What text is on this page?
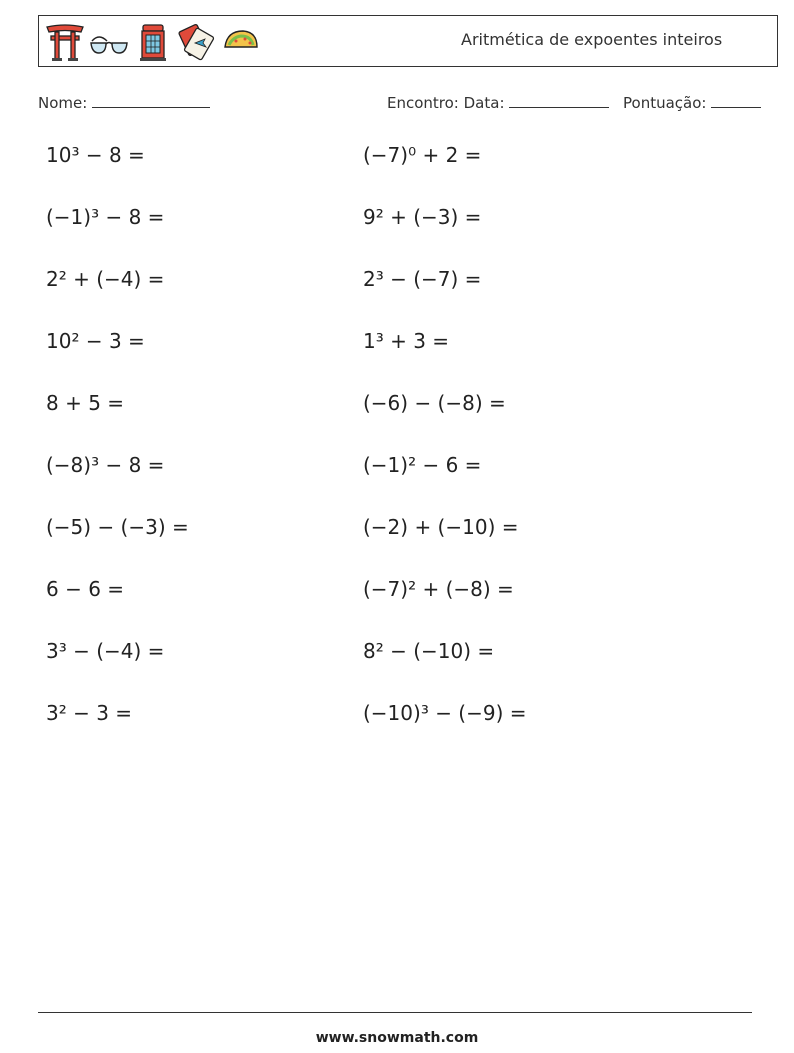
Aritmética de expoentes inteiros
Nome:	Encontro: Data:	Pontuação:
10³ − 8 =
(−1)³ − 8 =
2² + (−4) =
10² − 3 =
8 + 5 =
(−8)³ − 8 =
(−5) − (−3) =
6 − 6 =
3³ − (−4) =
3² − 3 =
(−7)⁰ + 2 =
9² + (−3) =
2³ − (−7) =
1³ + 3 =
(−6) − (−8) =
(−1)² − 6 =
(−2) + (−10) =
(−7)² + (−8) =
8² − (−10) =
(−10)³ − (−9) =
www.snowmath.com
